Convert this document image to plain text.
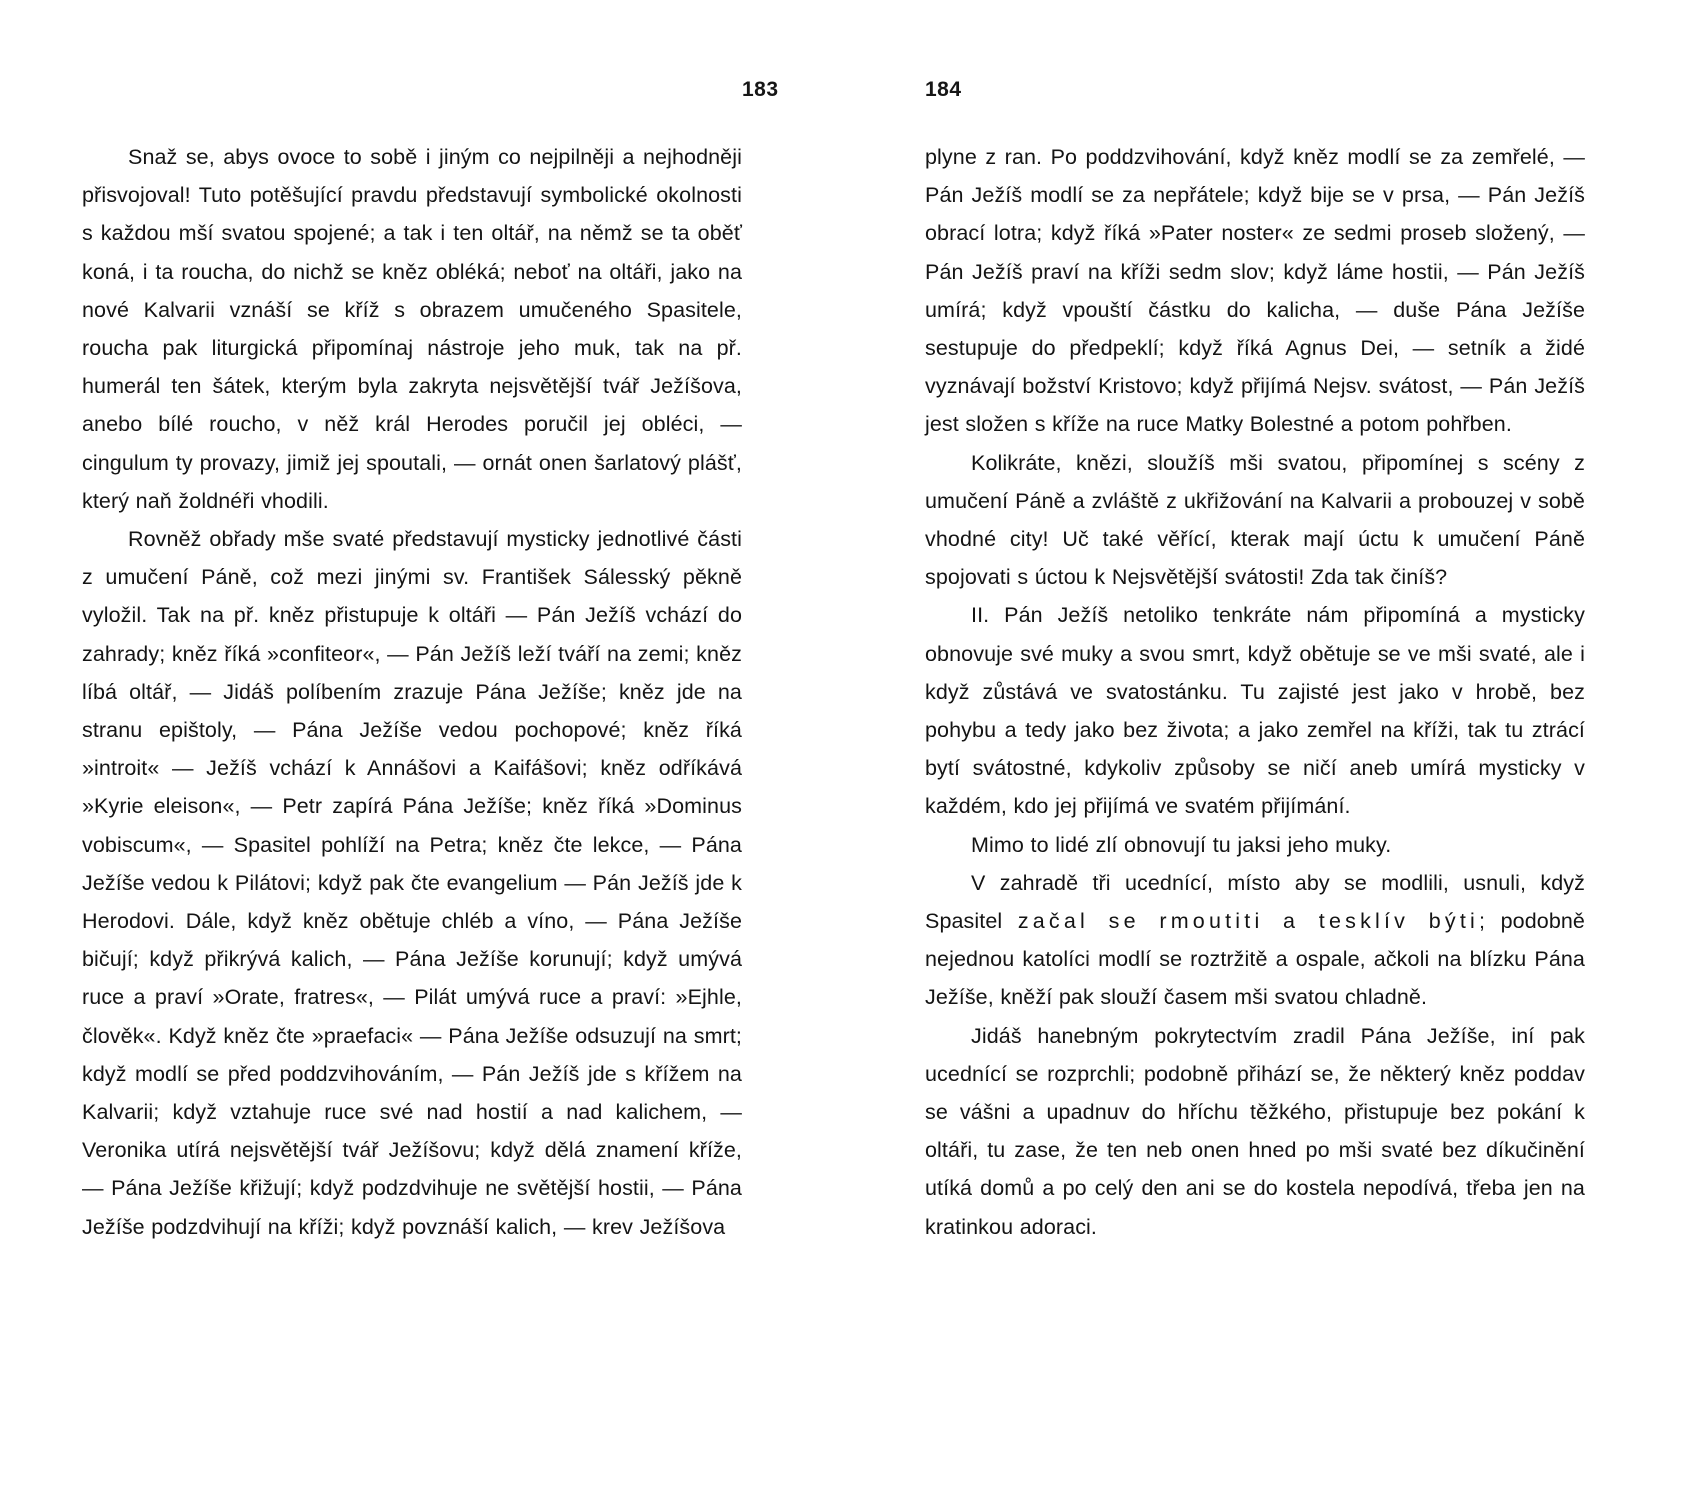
183	184

Snaž se, abys ovoce to sobě i jiným co nejpilněji a nejhodněji přisvojoval! Tuto potěšující pravdu představují symbolické okolnosti s každou mší svatou spojené; a tak i ten oltář, na němž se ta oběť koná, i ta roucha, do nichž se kněz obléká; neboť na oltáři, jako na nové Kalvarii vznáší se kříž s obrazem umučeného Spasitele, roucha pak liturgická připomínaj nástroje jeho muk, tak na př. humerál ten šátek, kterým byla zakryta nejsvětější tvář Ježíšova, anebo bílé roucho, v něž král Herodes poručil jej obléci, — cingulum ty provazy, jimiž jej spoutali, — ornát onen šarlatový plášť, který naň žoldnéři vhodili.

Rovněž obřady mše svaté představují mysticky jednotlivé části z umučení Páně, což mezi jinými sv. František Sálesský pěkně vyložil. Tak na př. kněz přistupuje k oltáři — Pán Ježíš vchází do zahrady; kněz říká »confiteor«, — Pán Ježíš leží tváří na zemi; kněz líbá oltář, — Jidáš políbením zrazuje Pána Ježíše; kněz jde na stranu epištoly, — Pána Ježíše vedou pochopové; kněz říká »introit« — Ježíš vchází k Annášovi a Kaifášovi; kněz odříkává »Kyrie eleison«, — Petr zapírá Pána Ježíše; kněz říká »Dominus vobiscum«, — Spasitel pohlíží na Petra; kněz čte lekce, — Pána Ježíše vedou k Pilátovi; když pak čte evangelium — Pán Ježíš jde k Herodovi. Dále, když kněz obětuje chléb a víno, — Pána Ježíše bičují; když přikrývá kalich, — Pána Ježíše korunují; když umývá ruce a praví »Orate, fratres«, — Pilát umývá ruce a praví: »Ejhle, člověk«. Když kněz čte »praefaci« — Pána Ježíše odsuzují na smrt; když modlí se před poddzvihováním, — Pán Ježíš jde s křížem na Kalvarii; když vztahuje ruce své nad hostií a nad kalichem, — Veronika utírá nejsvětější tvář Ježíšovu; když dělá znamení kříže, — Pána Ježíše křižují; když podzdvihuje ne světější hostii, — Pána Ježíše podzdvihují na kříži; když povznáší kalich, — krev Ježíšova

plyne z ran. Po poddzvihování, když kněz modlí se za zemřelé, — Pán Ježíš modlí se za nepřátele; když bije se v prsa, — Pán Ježíš obrací lotra; když říká »Pater noster« ze sedmi proseb složený, — Pán Ježíš praví na kříži sedm slov; když láme hostii, — Pán Ježíš umírá; když vpouští částku do kalicha, — duše Pána Ježíše sestupuje do předpeklí; když říká Agnus Dei, — setník a židé vyznávají božství Kristovo; když přijímá Nejsv. svátost, — Pán Ježíš jest složen s kříže na ruce Matky Bolestné a potom pohřben.

Kolikráte, knězi, sloužíš mši svatou, připomínej s scény z umučení Páně a zvláště z ukřižování na Kalvarii a probouzej v sobě vhodné city! Uč také věřící, kterak mají úctu k umučení Páně spojovati s úctou k Nejsvětější svátosti! Zda tak činíš?

II. Pán Ježíš netoliko tenkráte nám připomíná a mysticky obnovuje své muky a svou smrt, když obětuje se ve mši svaté, ale i když zůstává ve svatostánku. Tu zajisté jest jako v hrobě, bez pohybu a tedy jako bez života; a jako zemřel na kříži, tak tu ztrácí bytí svátostné, kdykoliv způsoby se ničí aneb umírá mysticky v každém, kdo jej přijímá ve svatém přijímání.

Mimo to lidé zlí obnovují tu jaksi jeho muky.

V zahradě tři ucednící, místo aby se modlili, usnuli, když Spasitel začal se rmoutiti a tesklív býti; podobně nejednou katolíci modlí se roztržitě a ospale, ačkoli na blízku Pána Ježíše, kněží pak slouží časem mši svatou chladně.

Jidáš hanebným pokrytectvím zradil Pána Ježíše, iní pak ucednící se rozprchli; podobně přihází se, že některý kněz poddav se vášni a upadnuv do hříchu těžkého, přistupuje bez pokání k oltáři, tu zase, že ten neb onen hned po mši svaté bez díkučinění utíká domů a po celý den ani se do kostela nepodívá, třeba jen na kratinkou adoraci.
